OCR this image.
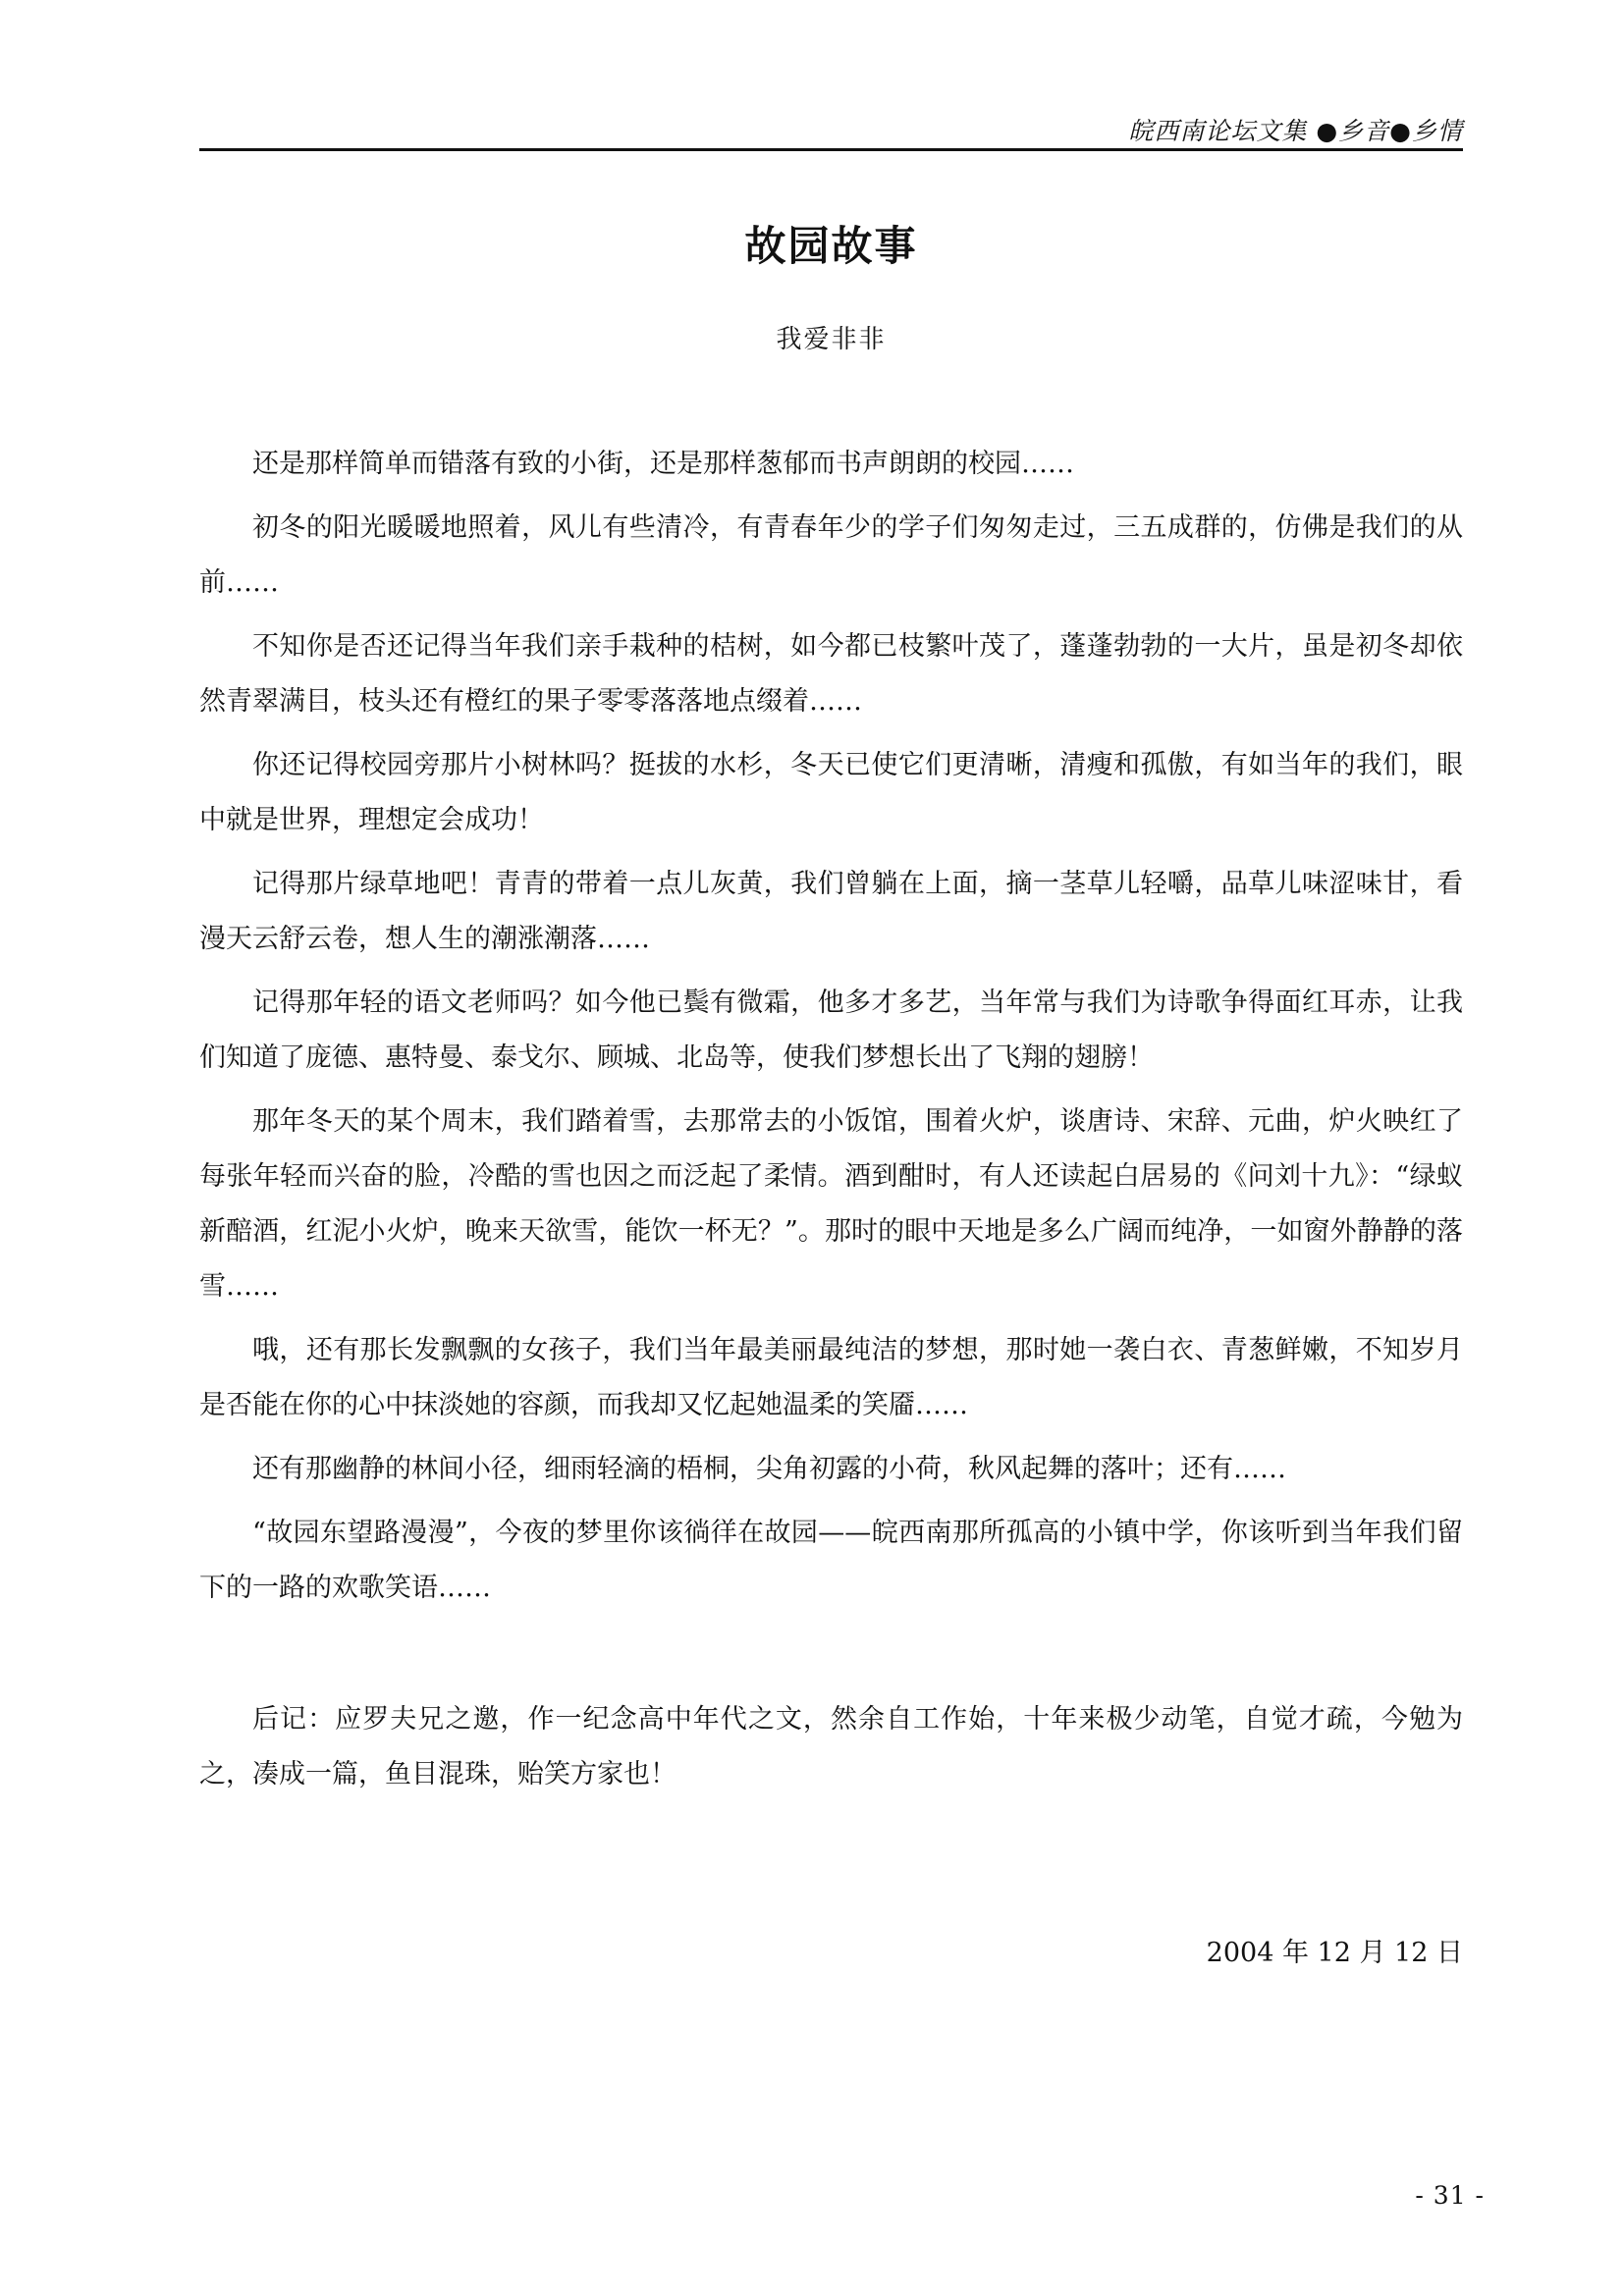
皖西南论坛文集 ●乡音●乡情
故园故事
我爱非非

还是那样简单而错落有致的小街，还是那样葱郁而书声朗朗的校园……

初冬的阳光暖暖地照着，风儿有些清冷，有青春年少的学子们匆匆走过，三五成群的，仿佛是我们的从前……

不知你是否还记得当年我们亲手栽种的桔树，如今都已枝繁叶茂了，蓬蓬勃勃的一大片，虽是初冬却依然青翠满目，枝头还有橙红的果子零零落落地点缀着……

你还记得校园旁那片小树林吗？挺拔的水杉，冬天已使它们更清晰，清瘦和孤傲，有如当年的我们，眼中就是世界，理想定会成功！

记得那片绿草地吧！青青的带着一点儿灰黄，我们曾躺在上面，摘一茎草儿轻嚼，品草儿味涩味甘，看漫天云舒云卷，想人生的潮涨潮落……

记得那年轻的语文老师吗？如今他已鬓有微霜，他多才多艺，当年常与我们为诗歌争得面红耳赤，让我们知道了庞德、惠特曼、泰戈尔、顾城、北岛等，使我们梦想长出了飞翔的翅膀！

那年冬天的某个周末，我们踏着雪，去那常去的小饭馆，围着火炉，谈唐诗、宋辞、元曲，炉火映红了每张年轻而兴奋的脸，冷酷的雪也因之而泛起了柔情。酒到酣时，有人还读起白居易的《问刘十九》：“绿蚁新醅酒，红泥小火炉，晚来天欲雪，能饮一杯无？”。那时的眼中天地是多么广阔而纯净，一如窗外静静的落雪……

哦，还有那长发飘飘的女孩子，我们当年最美丽最纯洁的梦想，那时她一袭白衣、青葱鲜嫩，不知岁月是否能在你的心中抹淡她的容颜，而我却又忆起她温柔的笑靥……

还有那幽静的林间小径，细雨轻滴的梧桐，尖角初露的小荷，秋风起舞的落叶；还有……

“故园东望路漫漫”，今夜的梦里你该徜徉在故园——皖西南那所孤高的小镇中学，你该听到当年我们留下的一路的欢歌笑语……

后记：应罗夫兄之邀，作一纪念高中年代之文，然余自工作始，十年来极少动笔，自觉才疏，今勉为之，凑成一篇，鱼目混珠，贻笑方家也！

2004 年 12 月 12 日
- 31 -
